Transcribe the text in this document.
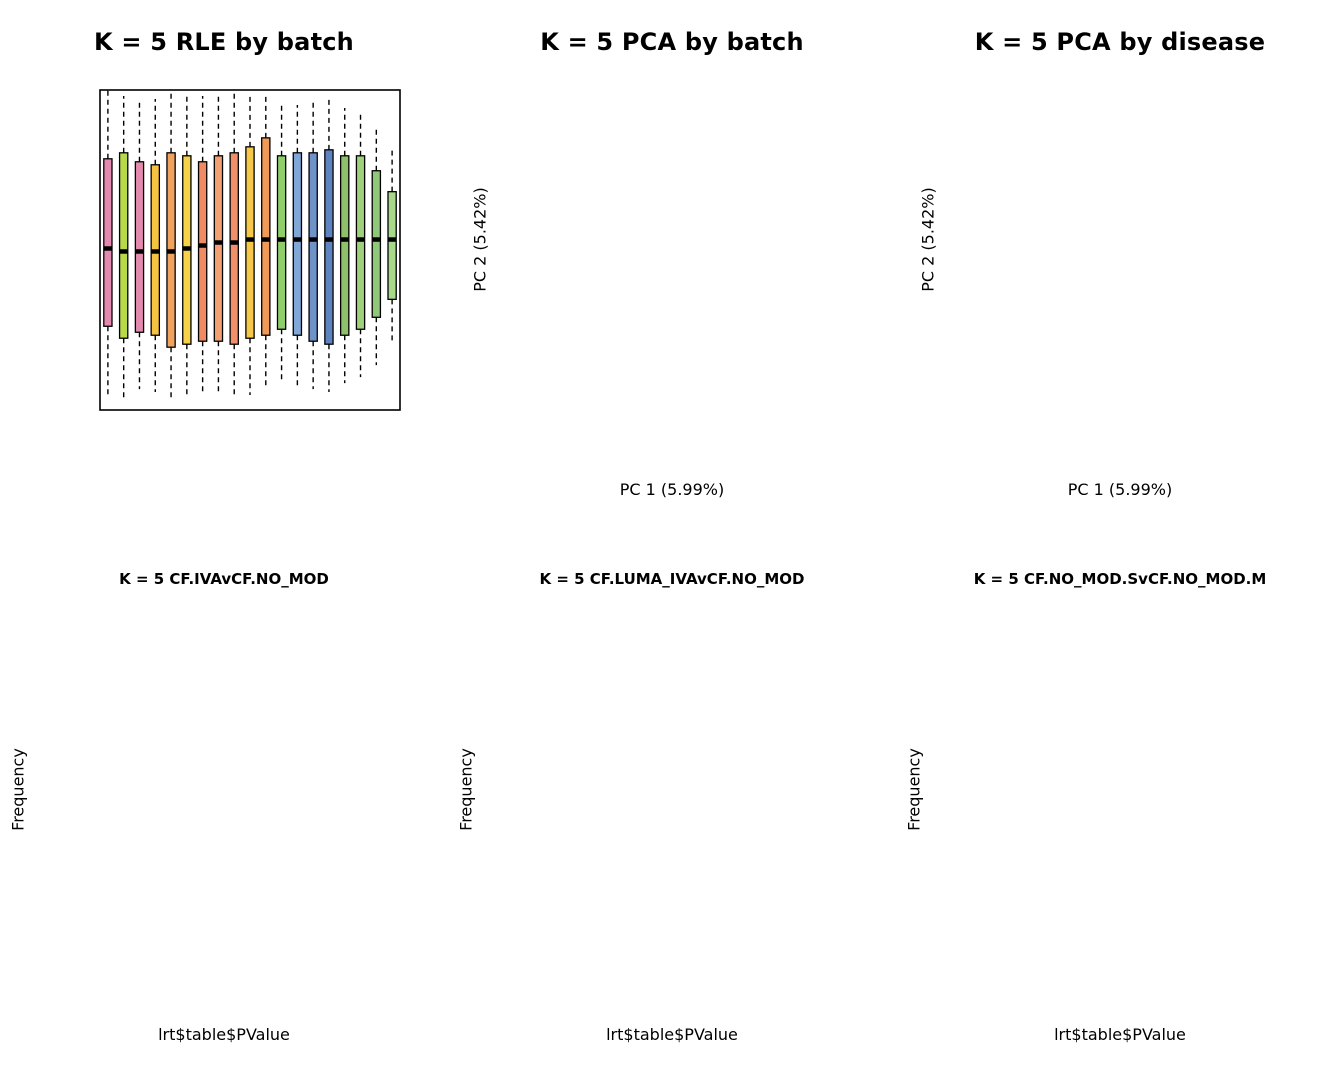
K = 5 RLE by batch	K = 5 PCA by batch
PC 1 (5.99%)
PC 2 (5.42%)
K = 5 PCA by disease
PC 1 (5.99%)
PC 2 (5.42%)
K = 5 CF.IVAvCF.NO_MOD
lrt$table$PValue
Frequency
K = 5 CF.LUMA_IVAvCF.NO_MOD
lrt$table$PValue
Frequency
K = 5 CF.NO_MOD.SvCF.NO_MOD.M
lrt$table$PValue
Frequency
